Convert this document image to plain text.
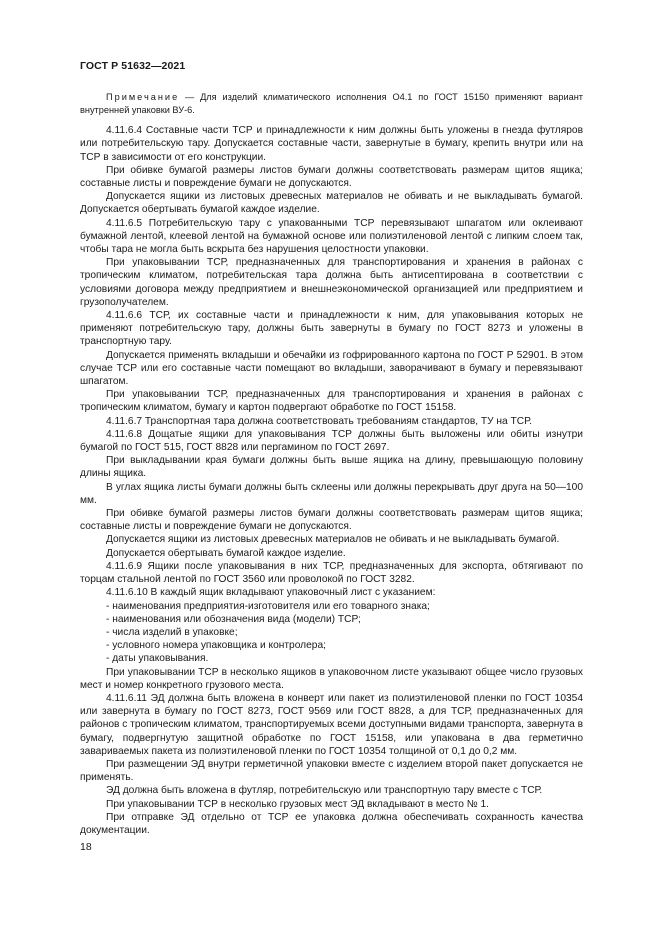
ГОСТ Р 51632—2021

Примечание — Для изделий климатического исполнения О4.1 по ГОСТ 15150 применяют вариант внутренней упаковки ВУ-6.

4.11.6.4 Составные части ТСР и принадлежности к ним должны быть уложены в гнезда футляров или потребительскую тару. Допускается составные части, завернутые в бумагу, крепить внутри или на ТСР в зависимости от его конструкции.

При обивке бумагой размеры листов бумаги должны соответствовать размерам щитов ящика; составные листы и повреждение бумаги не допускаются.

Допускается ящики из листовых древесных материалов не обивать и не выкладывать бумагой. Допускается обертывать бумагой каждое изделие.

4.11.6.5 Потребительскую тару с упакованными ТСР перевязывают шпагатом или оклеивают бумажной лентой, клеевой лентой на бумажной основе или полиэтиленовой лентой с липким слоем так, чтобы тара не могла быть вскрыта без нарушения целостности упаковки.

При упаковывании ТСР, предназначенных для транспортирования и хранения в районах с тропическим климатом, потребительская тара должна быть антисептирована в соответствии с условиями договора между предприятием и внешнеэкономической организацией или предприятием и грузополучателем.

4.11.6.6 ТСР, их составные части и принадлежности к ним, для упаковывания которых не применяют потребительскую тару, должны быть завернуты в бумагу по ГОСТ 8273 и уложены в транспортную тару.

Допускается применять вкладыши и обечайки из гофрированного картона по ГОСТ Р 52901. В этом случае ТСР или его составные части помещают во вкладыши, заворачивают в бумагу и перевязывают шпагатом.

При упаковывании ТСР, предназначенных для транспортирования и хранения в районах с тропическим климатом, бумагу и картон подвергают обработке по ГОСТ 15158.

4.11.6.7 Транспортная тара должна соответствовать требованиям стандартов, ТУ на ТСР.

4.11.6.8 Дощатые ящики для упаковывания ТСР должны быть выложены или обиты изнутри бумагой по ГОСТ 515, ГОСТ 8828 или пергамином по ГОСТ 2697.

При выкладывании края бумаги должны быть выше ящика на длину, превышающую половину длины ящика.

В углах ящика листы бумаги должны быть склеены или должны перекрывать друг друга на 50—100 мм.

При обивке бумагой размеры листов бумаги должны соответствовать размерам щитов ящика; составные листы и повреждение бумаги не допускаются.

Допускается ящики из листовых древесных материалов не обивать и не выкладывать бумагой.

Допускается обертывать бумагой каждое изделие.

4.11.6.9 Ящики после упаковывания в них ТСР, предназначенных для экспорта, обтягивают по торцам стальной лентой по ГОСТ 3560 или проволокой по ГОСТ 3282.

4.11.6.10 В каждый ящик вкладывают упаковочный лист с указанием:

- наименования предприятия-изготовителя или его товарного знака;

- наименования или обозначения вида (модели) ТСР;

- числа изделий в упаковке;

- условного номера упаковщика и контролера;

- даты упаковывания.

При упаковывании ТСР в несколько ящиков в упаковочном листе указывают общее число грузовых мест и номер конкретного грузового места.

4.11.6.11 ЭД должна быть вложена в конверт или пакет из полиэтиленовой пленки по ГОСТ 10354 или завернута в бумагу по ГОСТ 8273, ГОСТ 9569 или ГОСТ 8828, а для ТСР, предназначенных для районов с тропическим климатом, транспортируемых всеми доступными видами транспорта, завернута в бумагу, подвергнутую защитной обработке по ГОСТ 15158, или упакована в два герметично завариваемых пакета из полиэтиленовой пленки по ГОСТ 10354 толщиной от 0,1 до 0,2 мм.

При размещении ЭД внутри герметичной упаковки вместе с изделием второй пакет допускается не применять.

ЭД должна быть вложена в футляр, потребительскую или транспортную тару вместе с ТСР.

При упаковывании ТСР в несколько грузовых мест ЭД вкладывают в место № 1.

При отправке ЭД отдельно от ТСР ее упаковка должна обеспечивать сохранность качества документации.

18
